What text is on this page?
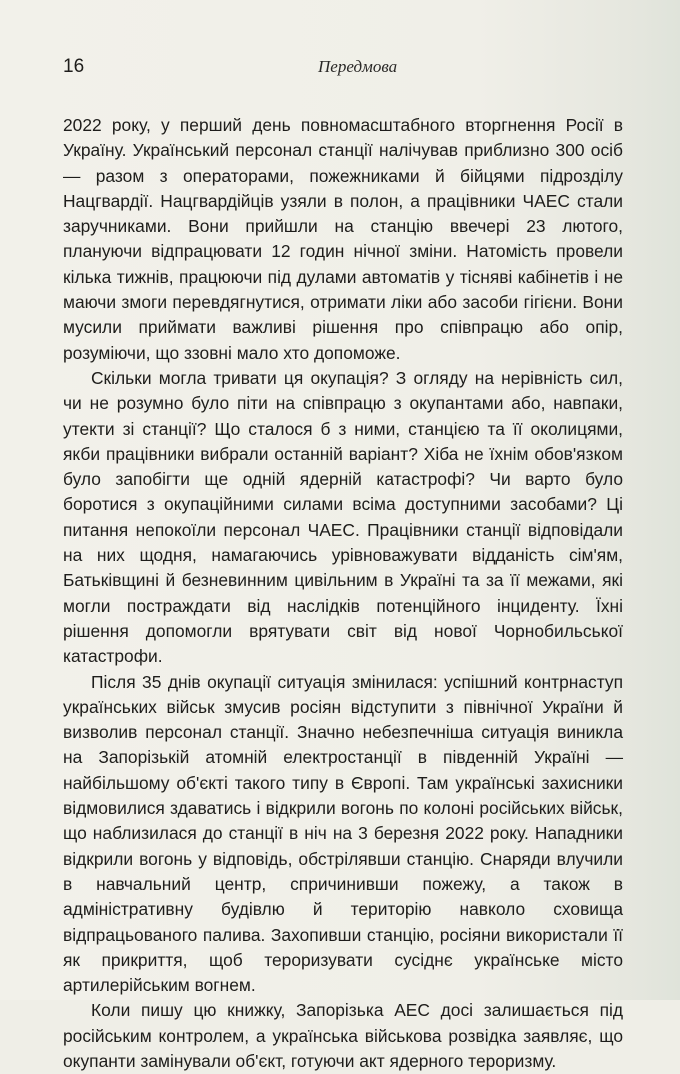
16	Передмова

2022 року, у перший день повномасштабного вторгнення Росії в Україну. Український персонал станції налічував приблизно 300 осіб — разом з операторами, пожежниками й бійцями підрозділу Нацгвардії. Нацгвардійців узяли в полон, а працівники ЧАЕС стали заручниками. Вони прийшли на станцію ввечері 23 лютого, плануючи відпрацювати 12 годин нічної зміни. Натомість провели кілька тижнів, працюючи під дулами автоматів у тісняві кабінетів і не маючи змоги перевдягнутися, отримати ліки або засоби гігієни. Вони мусили приймати важливі рішення про співпрацю або опір, розуміючи, що ззовні мало хто допоможе.

Скільки могла тривати ця окупація? З огляду на нерівність сил, чи не розумно було піти на співпрацю з окупантами або, навпаки, утекти зі станції? Що сталося б з ними, станцією та її околицями, якби працівники вибрали останній варіант? Хіба не їхнім обов'язком було запобігти ще одній ядерній катастрофі? Чи варто було боротися з окупаційними силами всіма доступними засобами? Ці питання непокоїли персонал ЧАЕС. Працівники станції відповідали на них щодня, намагаючись урівноважувати відданість сім'ям, Батьківщині й безневинним цивільним в Україні та за її межами, які могли постраждати від наслідків потенційного інциденту. Їхні рішення допомогли врятувати світ від нової Чорнобильської катастрофи.

Після 35 днів окупації ситуація змінилася: успішний контрнаступ українських військ змусив росіян відступити з північної України й визволив персонал станції. Значно небезпечніша ситуація виникла на Запорізькій атомній електростанції в південній Україні — найбільшому об'єкті такого типу в Європі. Там українські захисники відмовилися здаватись і відкрили вогонь по колоні російських військ, що наблизилася до станції в ніч на 3 березня 2022 року. Нападники відкрили вогонь у відповідь, обстрілявши станцію. Снаряди влучили в навчальний центр, спричинивши пожежу, а також в адміністративну будівлю й територію навколо сховища відпрацьованого палива. Захопивши станцію, росіяни використали її як прикриття, щоб тероризувати сусіднє українське місто артилерійським вогнем.

Коли пишу цю книжку, Запорізька АЕС досі залишається під російським контролем, а українська військова розвідка заявляє, що окупанти замінували об'єкт, готуючи акт ядерного тероризму.
